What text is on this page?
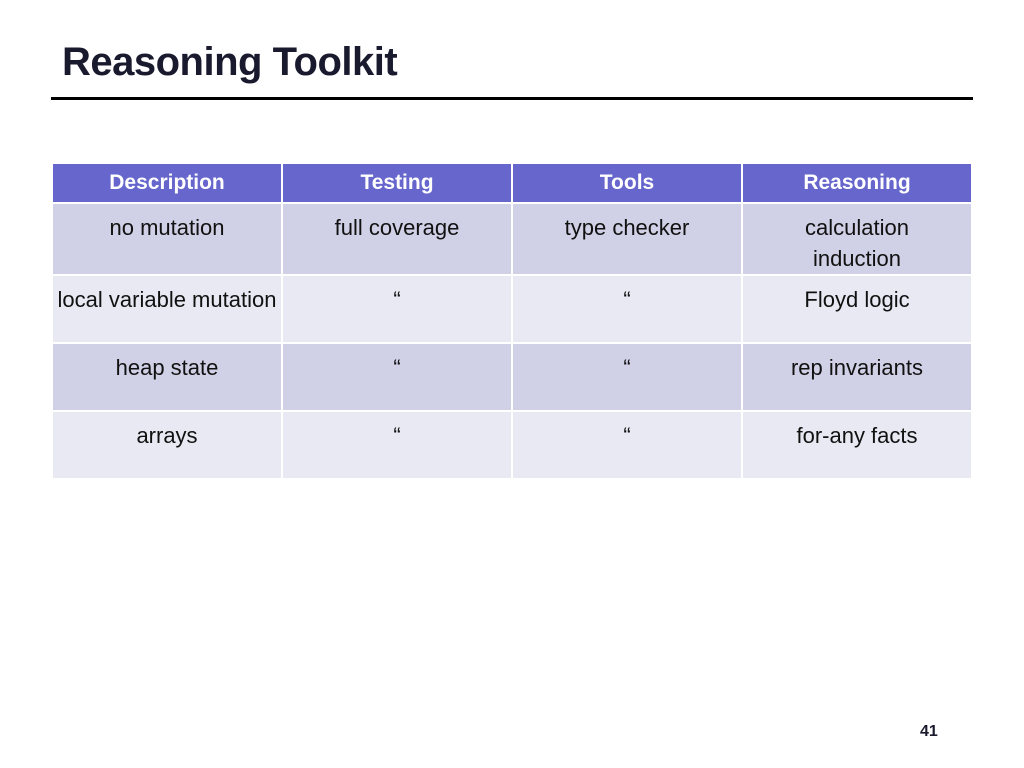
Reasoning Toolkit
Description	Testing	Tools	Reasoning
no mutation	full coverage	type checker	calculation
induction

local variable mutation	“	“	Floyd logic

heap state	“	“	rep invariants

arrays	“	“	for-any facts
41
